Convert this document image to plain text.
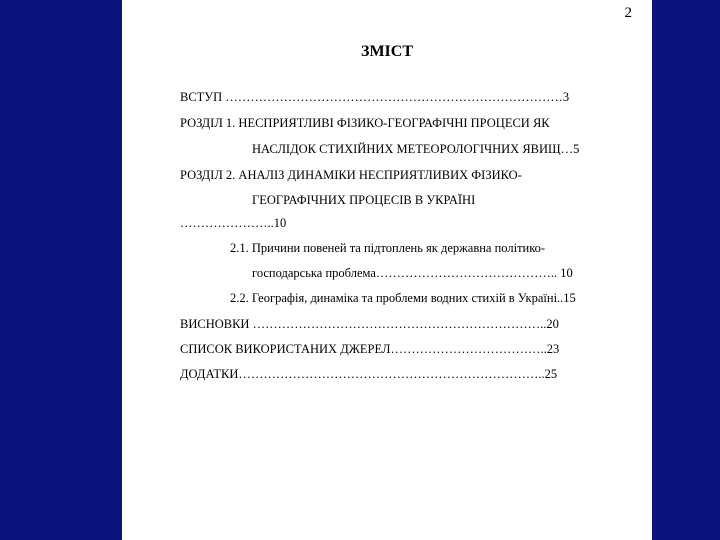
2
ЗМІСТ
ВСТУП ………………………………………………………………………3
РОЗДІЛ 1. НЕСПРИЯТЛИВІ ФІЗИКО-ГЕОГРАФІЧНІ ПРОЦЕСИ ЯК
НАСЛІДОК СТИХІЙНИХ МЕТЕОРОЛОГІЧНИХ ЯВИЩ…5
РОЗДІЛ 2. АНАЛІЗ ДИНАМІКИ НЕСПРИЯТЛИВИХ ФІЗИКО-
ГЕОГРАФІЧНИХ ПРОЦЕСІВ В УКРАЇНІ
…………………..10
2.1. Причини повеней та підтоплень як державна політико-
господарська проблема…………………………………….. 10
2.2. Географія, динаміка та проблеми водних стихій в Україні..15
ВИСНОВКИ ……………………………………………………………..20
СПИСОК ВИКОРИСТАНИХ ДЖЕРЕЛ………………………………..23
ДОДАТКИ………………………………………………………………..25
